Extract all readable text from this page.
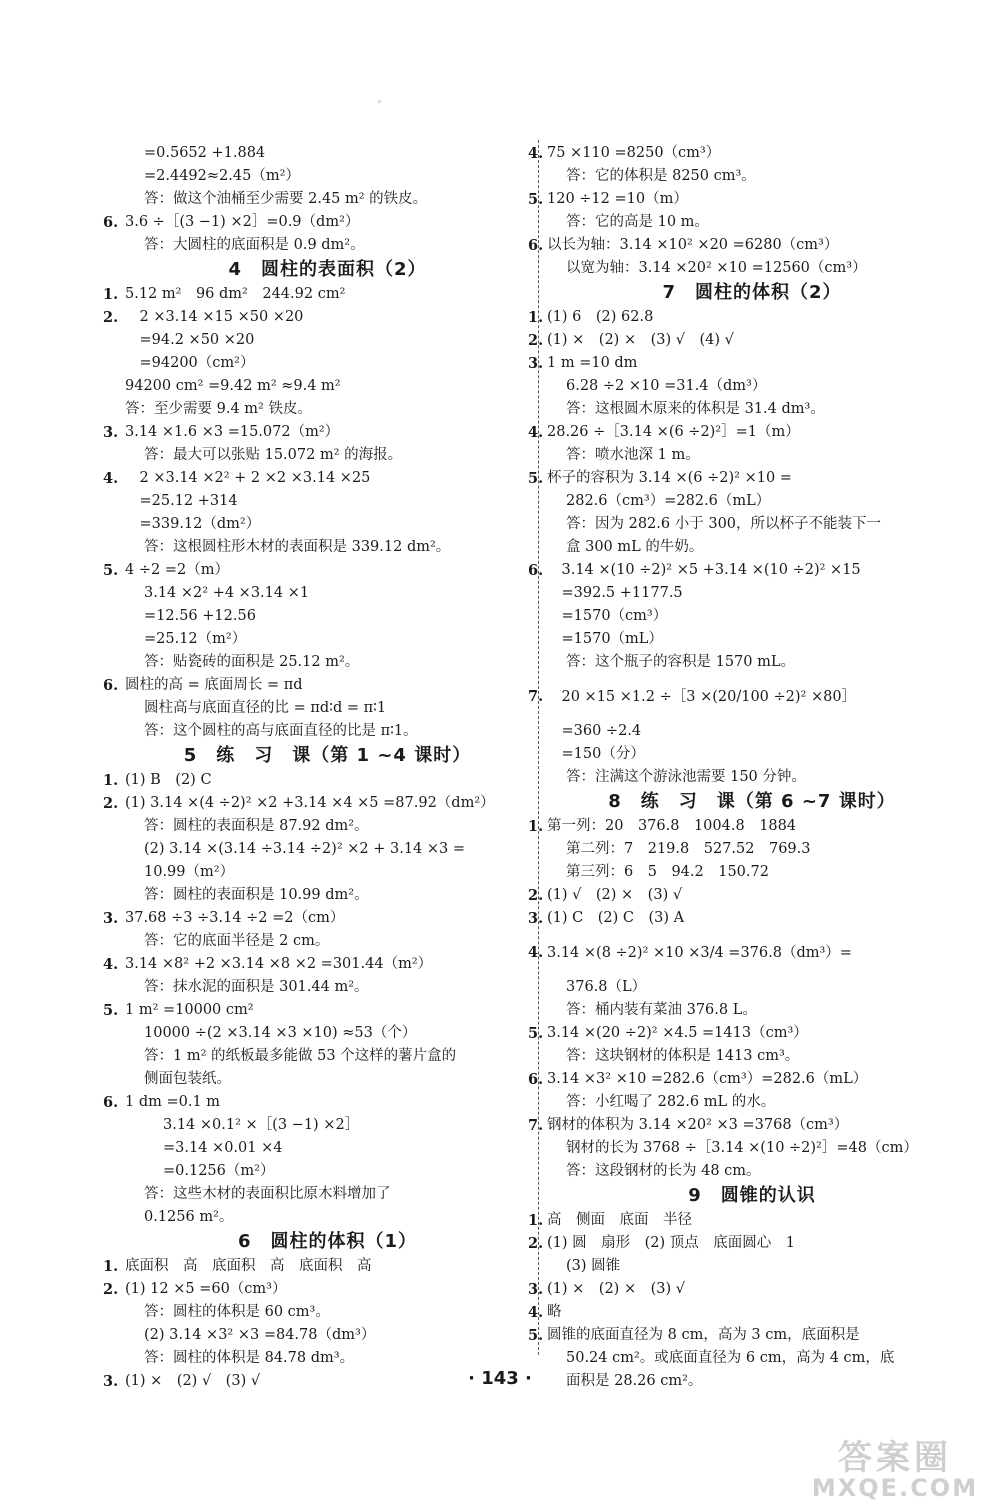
=0.5652 +1.884
=2.4492≈2.45（m²）
答：做这个油桶至少需要 2.45 m² 的铁皮。
6. 3.6 ÷［(3 −1) ×2］=0.9（dm²）
答：大圆柱的底面积是 0.9 dm²。
4　圆柱的表面积（2）
1. 5.12 m²　96 dm²　244.92 cm²
2. 　2 ×3.14 ×15 ×50 ×20
　=94.2 ×50 ×20
　=94200（cm²）
94200 cm² =9.42 m² ≈9.4 m²
答：至少需要 9.4 m² 铁皮。
3. 3.14 ×1.6 ×3 =15.072（m²）
答：最大可以张贴 15.072 m² 的海报。
4. 　2 ×3.14 ×2² + 2 ×2 ×3.14 ×25
　=25.12 +314
　=339.12（dm²）
答：这根圆柱形木材的表面积是 339.12 dm²。
5. 4 ÷2 =2（m）
3.14 ×2² +4 ×3.14 ×1
=12.56 +12.56
=25.12（m²）
答：贴瓷砖的面积是 25.12 m²。
6. 圆柱的高 = 底面周长 = πd
圆柱高与底面直径的比 = πd∶d = π∶1
答：这个圆柱的高与底面直径的比是 π∶1。
5　练　习　课（第 1 ~4 课时）
1. (1) B　(2) C
2. (1) 3.14 ×(4 ÷2)² ×2 +3.14 ×4 ×5 =87.92（dm²）
答：圆柱的表面积是 87.92 dm²。
(2) 3.14 ×(3.14 ÷3.14 ÷2)² ×2 + 3.14 ×3 =
10.99（m²）
答：圆柱的表面积是 10.99 dm²。
3. 37.68 ÷3 ÷3.14 ÷2 =2（cm）
答：它的底面半径是 2 cm。
4. 3.14 ×8² +2 ×3.14 ×8 ×2 =301.44（m²）
答：抹水泥的面积是 301.44 m²。
5. 1 m² =10000 cm²
10000 ÷(2 ×3.14 ×3 ×10) ≈53（个）
答：1 m² 的纸板最多能做 53 个这样的薯片盒的
侧面包装纸。
6. 1 dm =0.1 m
3.14 ×0.1² ×［(3 −1) ×2］
=3.14 ×0.01 ×4
=0.1256（m²）
答：这些木材的表面积比原木料增加了
0.1256 m²。
6　圆柱的体积（1）
1. 底面积　高　底面积　高　底面积　高
2. (1) 12 ×5 =60（cm³）
答：圆柱的体积是 60 cm³。
(2) 3.14 ×3² ×3 =84.78（dm³）
答：圆柱的体积是 84.78 dm³。
3. (1) ×　(2) √　(3) √
4. 75 ×110 =8250（cm³）
答：它的体积是 8250 cm³。
5. 120 ÷12 =10（m）
答：它的高是 10 m。
6. 以长为轴：3.14 ×10² ×20 =6280（cm³）
以宽为轴：3.14 ×20² ×10 =12560（cm³）
7　圆柱的体积（2）
1. (1) 6　(2) 62.8
2. (1) ×　(2) ×　(3) √　(4) √
3. 1 m =10 dm
6.28 ÷2 ×10 =31.4（dm³）
答：这根圆木原来的体积是 31.4 dm³。
4. 28.26 ÷［3.14 ×(6 ÷2)²］=1（m）
答：喷水池深 1 m。
5. 杯子的容积为 3.14 ×(6 ÷2)² ×10 =
282.6（cm³）=282.6（mL）
答：因为 282.6 小于 300，所以杯子不能装下一
盒 300 mL 的牛奶。
6. 　3.14 ×(10 ÷2)² ×5 +3.14 ×(10 ÷2)² ×15
　=392.5 +1177.5
　=1570（cm³）
　=1570（mL）
答：这个瓶子的容积是 1570 mL。
7. 　20 ×15 ×1.2 ÷［3 ×(20/100 ÷2)² ×80］
　=360 ÷2.4
　=150（分）
答：注满这个游泳池需要 150 分钟。
8　练　习　课（第 6 ~7 课时）
1. 第一列：20　376.8　1004.8　1884
第二列：7　219.8　527.52　769.3
第三列：6　5　94.2　150.72
2. (1) √　(2) ×　(3) √
3. (1) C　(2) C　(3) A
4. 3.14 ×(8 ÷2)² ×10 ×3/4 =376.8（dm³）=
376.8（L）
答：桶内装有菜油 376.8 L。
5. 3.14 ×(20 ÷2)² ×4.5 =1413（cm³）
答：这块钢材的体积是 1413 cm³。
6. 3.14 ×3² ×10 =282.6（cm³）=282.6（mL）
答：小红喝了 282.6 mL 的水。
7. 钢材的体积为 3.14 ×20² ×3 =3768（cm³）
钢材的长为 3768 ÷［3.14 ×(10 ÷2)²］=48（cm）
答：这段钢材的长为 48 cm。
9　圆锥的认识
1. 高　侧面　底面　半径
2. (1) 圆　扇形　(2) 顶点　底面圆心　1
(3) 圆锥
3. (1) ×　(2) ×　(3) √
4. 略
5. 圆锥的底面直径为 8 cm，高为 3 cm，底面积是
50.24 cm²。或底面直径为 6 cm，高为 4 cm，底
面积是 28.26 cm²。
· 143 ·
答案圈
MXQE.COM
